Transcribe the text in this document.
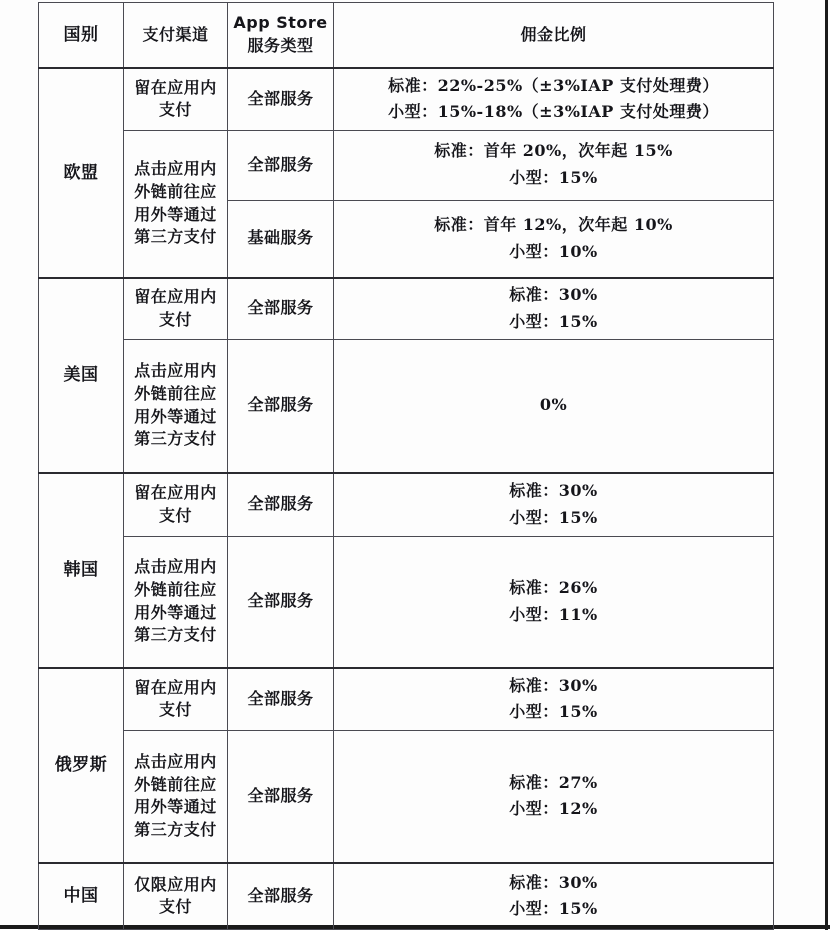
国别	支付渠道	App Store 服务类型	佣金比例
欧盟	留在应用内支付	全部服务	标准：22%-25%（±3%IAP 支付处理费）
小型：15%-18%（±3%IAP 支付处理费）

	点击应用内外链前往应用外等通过第三方支付	全部服务	标准：首年 20%，次年起 15%
小型：15%

		基础服务	标准：首年 12%，次年起 10%
小型：10%

美国	留在应用内支付	全部服务	标准：30%
小型：15%

	点击应用内外链前往应用外等通过第三方支付	全部服务	0%

韩国	留在应用内支付	全部服务	标准：30%
小型：15%

	点击应用内外链前往应用外等通过第三方支付	全部服务	标准：26%
小型：11%

俄罗斯	留在应用内支付	全部服务	标准：30%
小型：15%

	点击应用内外链前往应用外等通过第三方支付	全部服务	标准：27%
小型：12%

中国	仅限应用内支付	全部服务	标准：30%
小型：15%
